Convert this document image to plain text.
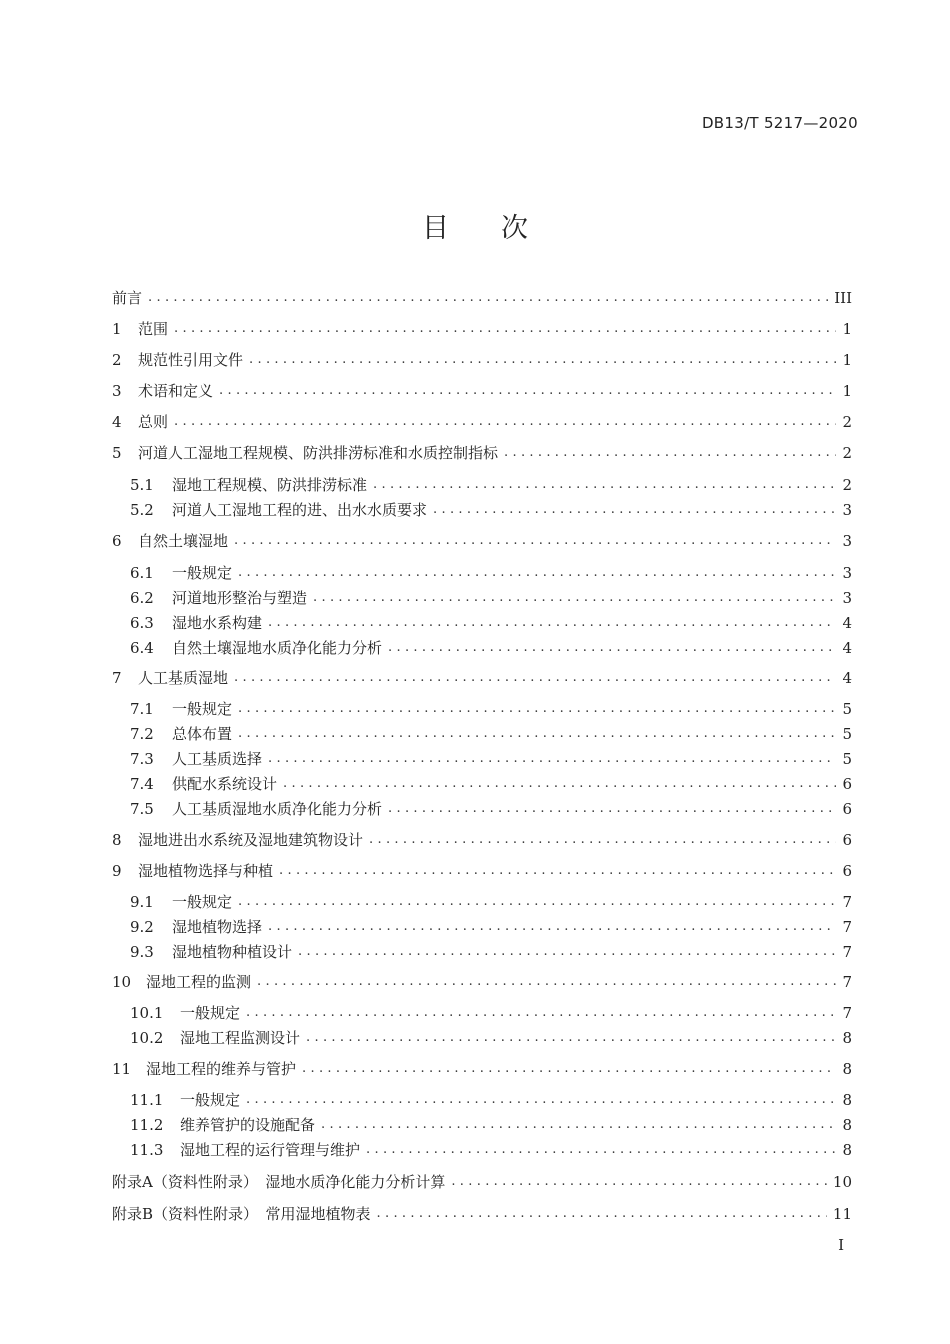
DB13/T 5217—2020
目 次
前言 . . .	III
1	范围 . . .	1
2	规范性引用文件 . . .	1
3	术语和定义 . . .	1
4	总则 . . .	2
5	河道人工湿地工程规模、防洪排涝标准和水质控制指标 . . .	2
5.1	湿地工程规模、防洪排涝标准 . . .	2
5.2	河道人工湿地工程的进、出水水质要求 . . .	3
6	自然土壤湿地 . . .	3
6.1	一般规定 . . .	3
6.2	河道地形整治与塑造 . . .	3
6.3	湿地水系构建 . . .	4
6.4	自然土壤湿地水质净化能力分析 . . .	4
7	人工基质湿地 . . .	4
7.1	一般规定 . . .	5
7.2	总体布置 . . .	5
7.3	人工基质选择 . . .	5
7.4	供配水系统设计 . . .	6
7.5	人工基质湿地水质净化能力分析 . . .	6
8	湿地进出水系统及湿地建筑物设计 . . .	6
9	湿地植物选择与种植 . . .	6
9.1	一般规定 . . .	7
9.2	湿地植物选择 . . .	7
9.3	湿地植物种植设计 . . .	7
10 湿地工程的监测 . . .	7
10.1	一般规定 . . .	7
10.2	湿地工程监测设计 . . .	8
11 湿地工程的维养与管护 . . .	8
11.1	一般规定 . . .	8
11.2	维养管护的设施配备 . . .	8
11.3	湿地工程的运行管理与维护 . . .	8
附录A（资料性附录）　湿地水质净化能力分析计算 . . .	10
附录B（资料性附录）　常用湿地植物表 . . .	11
I
